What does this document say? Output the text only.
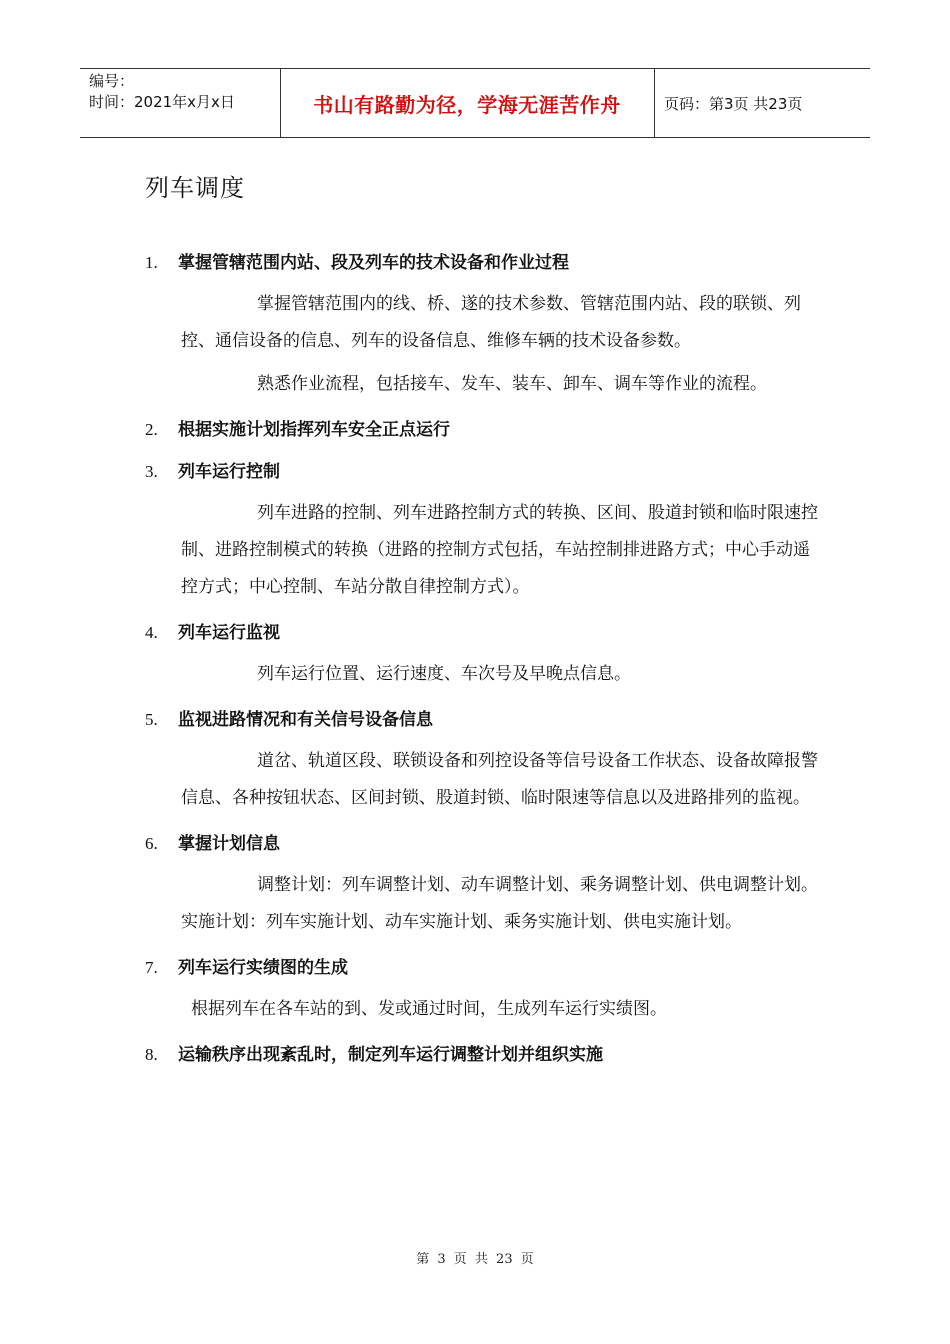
编号：
时间：2021年x月x日	书山有路勤为径，学海无涯苦作舟	页码：第3页 共23页
列车调度
1.	掌握管辖范围内站、段及列车的技术设备和作业过程
掌握管辖范围内的线、桥、遂的技术参数、管辖范围内站、段的联锁、列控、通信设备的信息、列车的设备信息、维修车辆的技术设备参数。
熟悉作业流程，包括接车、发车、装车、卸车、调车等作业的流程。
2.	根据实施计划指挥列车安全正点运行
3.	列车运行控制
列车进路的控制、列车进路控制方式的转换、区间、股道封锁和临时限速控制、进路控制模式的转换（进路的控制方式包括，车站控制排进路方式；中心手动遥控方式；中心控制、车站分散自律控制方式）。
4.	列车运行监视
列车运行位置、运行速度、车次号及早晚点信息。
5.	监视进路情况和有关信号设备信息
道岔、轨道区段、联锁设备和列控设备等信号设备工作状态、设备故障报警信息、各种按钮状态、区间封锁、股道封锁、临时限速等信息以及进路排列的监视。
6.	掌握计划信息
调整计划：列车调整计划、动车调整计划、乘务调整计划、供电调整计划。实施计划：列车实施计划、动车实施计划、乘务实施计划、供电实施计划。
7.	列车运行实绩图的生成
根据列车在各车站的到、发或通过时间，生成列车运行实绩图。
8.	运输秩序出现紊乱时，制定列车运行调整计划并组织实施
第 3 页 共 23 页
